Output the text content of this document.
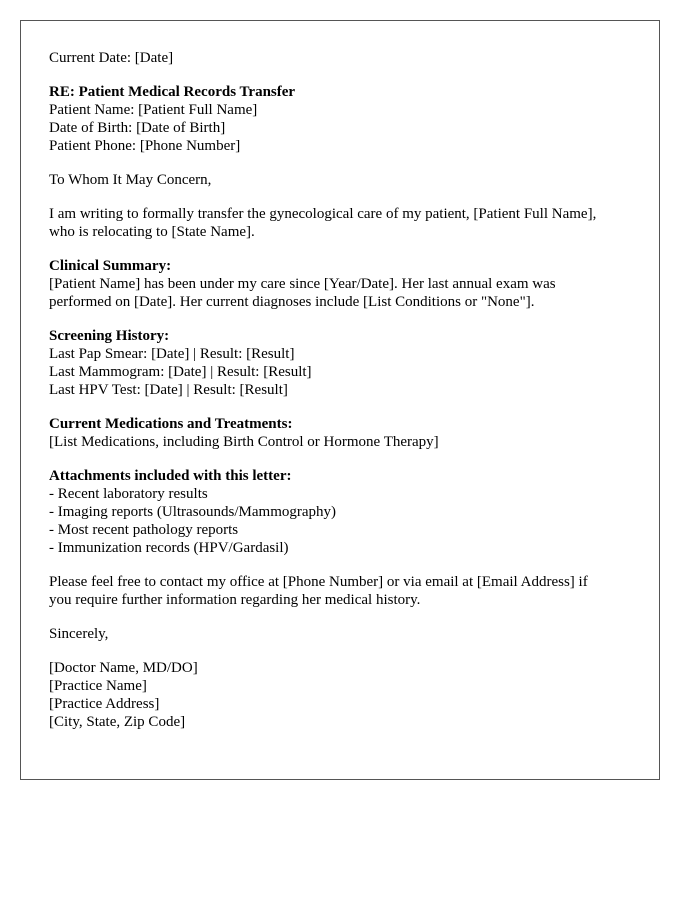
Current Date: [Date]
RE: Patient Medical Records Transfer
Patient Name: [Patient Full Name]
Date of Birth: [Date of Birth]
Patient Phone: [Phone Number]
To Whom It May Concern,
I am writing to formally transfer the gynecological care of my patient, [Patient Full Name],
who is relocating to [State Name].
Clinical Summary:
[Patient Name] has been under my care since [Year/Date]. Her last annual exam was
performed on [Date]. Her current diagnoses include [List Conditions or "None"].
Screening History:
Last Pap Smear: [Date] | Result: [Result]
Last Mammogram: [Date] | Result: [Result]
Last HPV Test: [Date] | Result: [Result]
Current Medications and Treatments:
[List Medications, including Birth Control or Hormone Therapy]
Attachments included with this letter:
- Recent laboratory results
- Imaging reports (Ultrasounds/Mammography)
- Most recent pathology reports
- Immunization records (HPV/Gardasil)
Please feel free to contact my office at [Phone Number] or via email at [Email Address] if
you require further information regarding her medical history.
Sincerely,
[Doctor Name, MD/DO]
[Practice Name]
[Practice Address]
[City, State, Zip Code]
